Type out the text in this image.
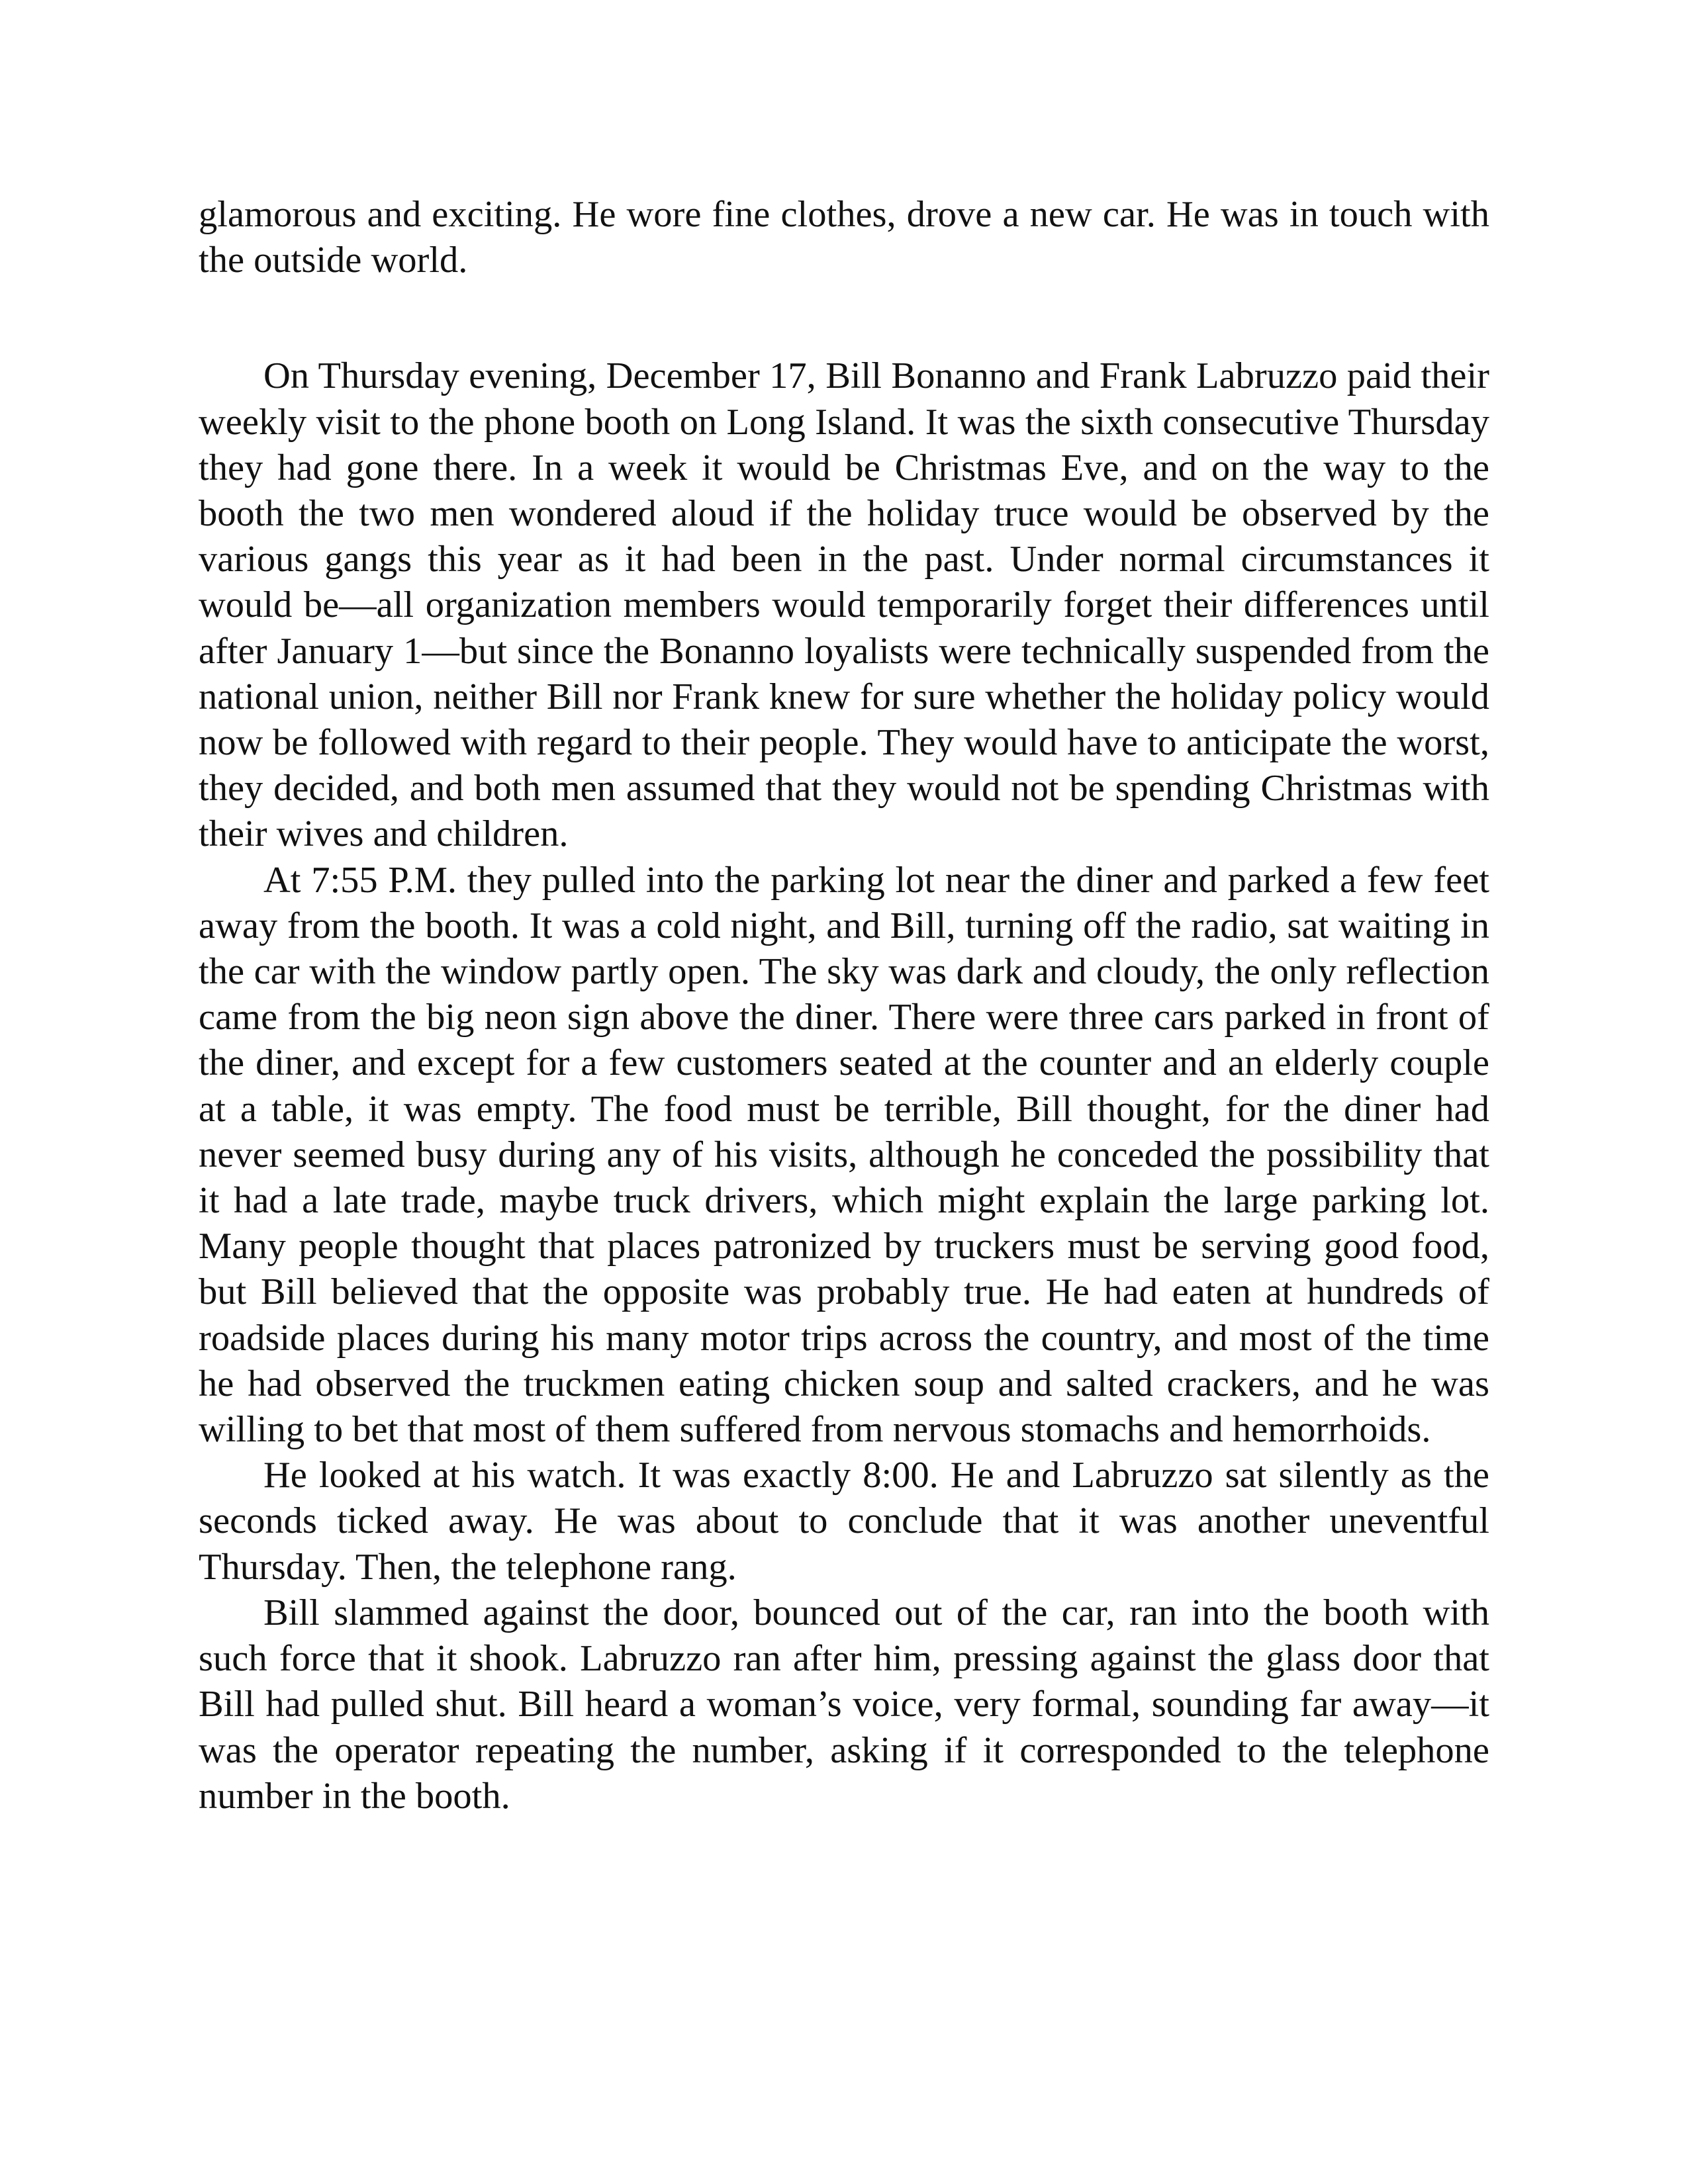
glamorous and exciting. He wore fine clothes, drove a new car. He was in touch with the outside world.

On Thursday evening, December 17, Bill Bonanno and Frank Labruzzo paid their weekly visit to the phone booth on Long Island. It was the sixth consecutive Thursday they had gone there. In a week it would be Christmas Eve, and on the way to the booth the two men wondered aloud if the holiday truce would be observed by the various gangs this year as it had been in the past. Under normal circumstances it would be—all organization members would temporarily forget their differences until after January 1—but since the Bonanno loyalists were technically suspended from the national union, neither Bill nor Frank knew for sure whether the holiday policy would now be followed with regard to their people. They would have to anticipate the worst, they decided, and both men assumed that they would not be spending Christmas with their wives and children.

At 7:55 P.M. they pulled into the parking lot near the diner and parked a few feet away from the booth. It was a cold night, and Bill, turning off the radio, sat waiting in the car with the window partly open. The sky was dark and cloudy, the only reflection came from the big neon sign above the diner. There were three cars parked in front of the diner, and except for a few customers seated at the counter and an elderly couple at a table, it was empty. The food must be terrible, Bill thought, for the diner had never seemed busy during any of his visits, although he conceded the possibility that it had a late trade, maybe truck drivers, which might explain the large parking lot. Many people thought that places patronized by truckers must be serving good food, but Bill believed that the opposite was probably true. He had eaten at hundreds of roadside places during his many motor trips across the country, and most of the time he had observed the truckmen eating chicken soup and salted crackers, and he was willing to bet that most of them suffered from nervous stomachs and hemorrhoids.

He looked at his watch. It was exactly 8:00. He and Labruzzo sat silently as the seconds ticked away. He was about to conclude that it was another uneventful Thursday. Then, the telephone rang.

Bill slammed against the door, bounced out of the car, ran into the booth with such force that it shook. Labruzzo ran after him, pressing against the glass door that Bill had pulled shut. Bill heard a woman’s voice, very formal, sounding far away—it was the operator repeating the number, asking if it corresponded to the telephone number in the booth.
